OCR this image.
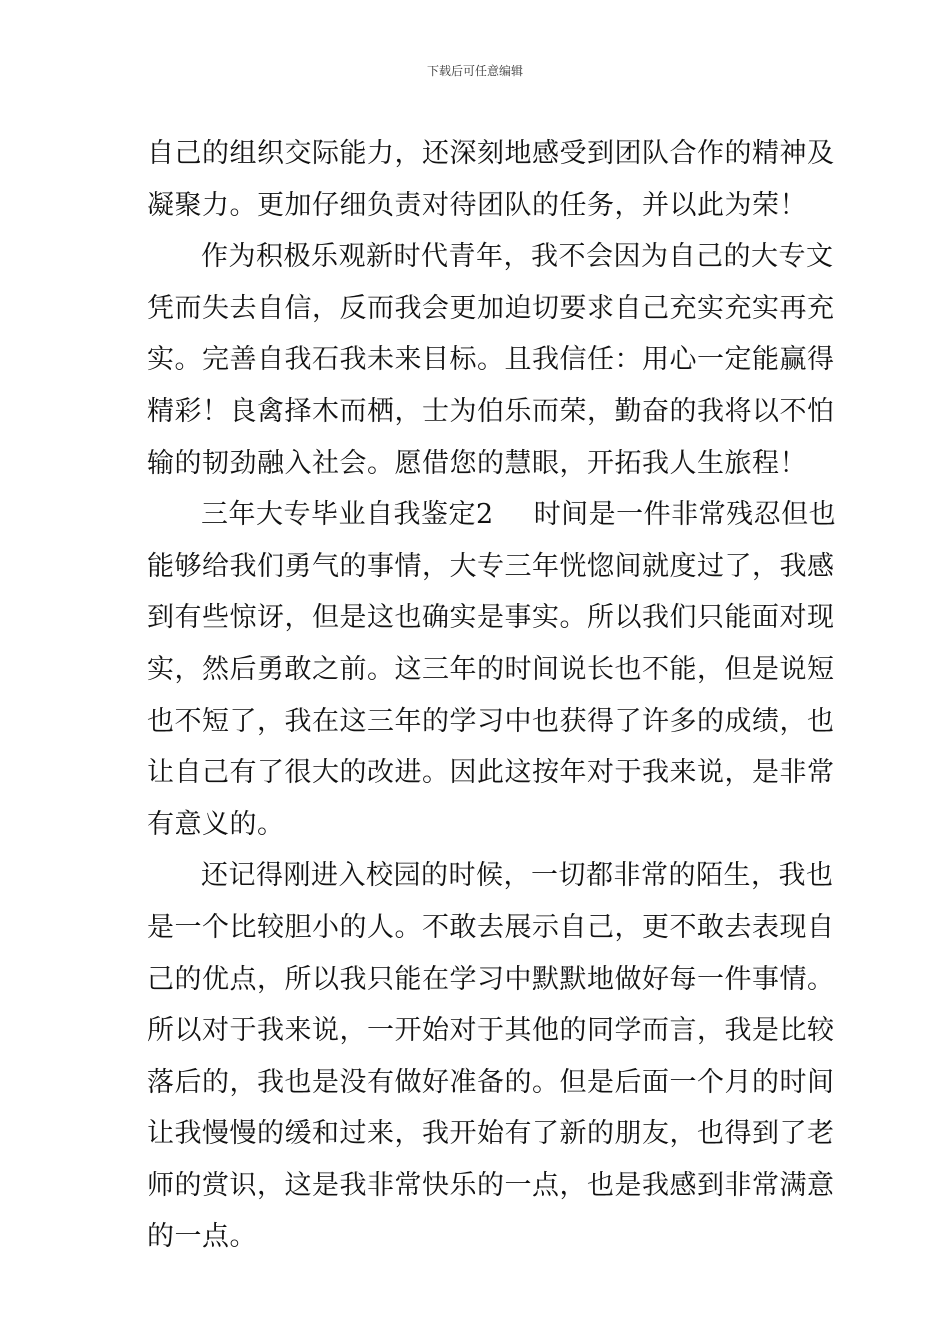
下载后可任意编辑
自己的组织交际能力，还深刻地感受到团队合作的精神及
凝聚力。更加仔细负责对待团队的任务，并以此为荣！
作为积极乐观新时代青年，我不会因为自己的大专文
凭而失去自信，反而我会更加迫切要求自己充实充实再充
实。完善自我石我未来目标。且我信任：用心一定能赢得
精彩！良禽择木而栖，士为伯乐而荣，勤奋的我将以不怕
输的韧劲融入社会。愿借您的慧眼，开拓我人生旅程！
三年大专毕业自我鉴定2 时间是一件非常残忍但也
能够给我们勇气的事情，大专三年恍惚间就度过了，我感
到有些惊讶，但是这也确实是事实。所以我们只能面对现
实，然后勇敢之前。这三年的时间说长也不能，但是说短
也不短了，我在这三年的学习中也获得了许多的成绩，也
让自己有了很大的改进。因此这按年对于我来说，是非常
有意义的。
还记得刚进入校园的时候，一切都非常的陌生，我也
是一个比较胆小的人。不敢去展示自己，更不敢去表现自
己的优点，所以我只能在学习中默默地做好每一件事情。
所以对于我来说，一开始对于其他的同学而言，我是比较
落后的，我也是没有做好准备的。但是后面一个月的时间
让我慢慢的缓和过来，我开始有了新的朋友，也得到了老
师的赏识，这是我非常快乐的一点，也是我感到非常满意
的一点。
